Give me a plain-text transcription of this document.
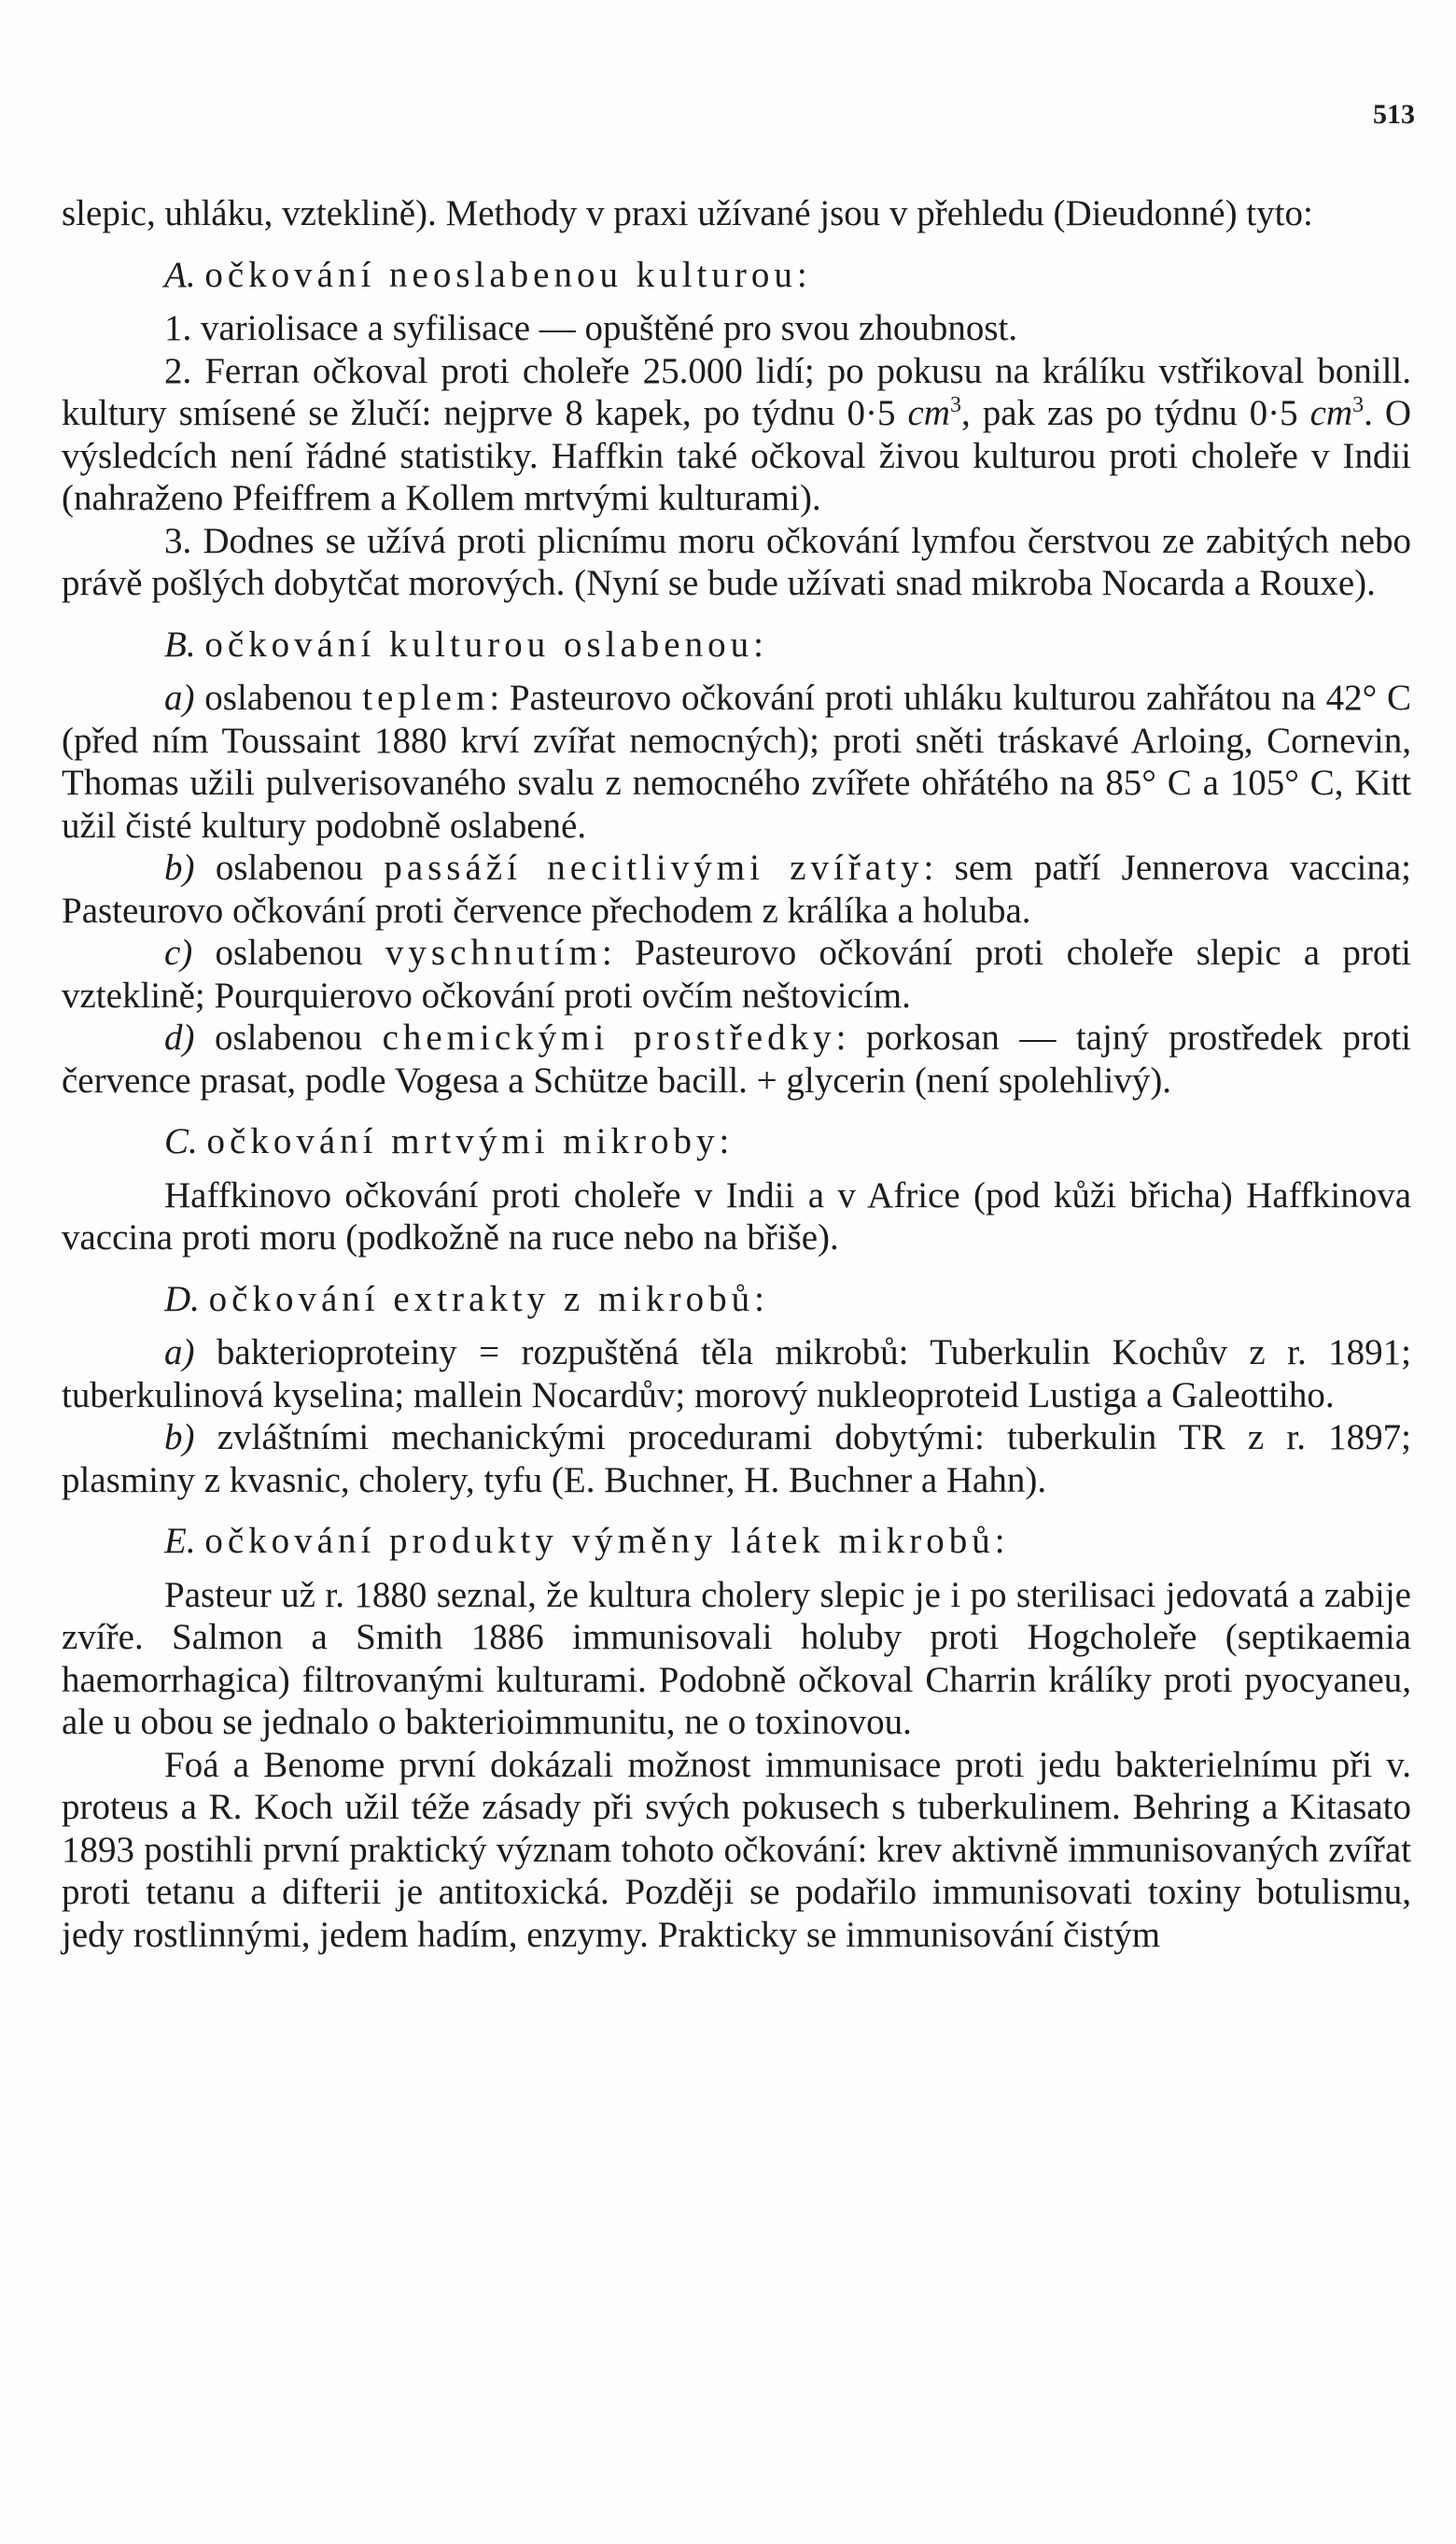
513

slepic, uhláku, vzteklině). Methody v praxi užívané jsou v přehledu (Dieudonné) tyto:

A. očkování neoslabenou kulturou:

1. variolisace a syfilisace — opuštěné pro svou zhoubnost.

2. Ferran očkoval proti choleře 25.000 lidí; po pokusu na králíku vstřikoval bonill. kultury smísené se žlučí: nejprve 8 kapek, po týdnu 0·5 $cm^3$, pak zas po týdnu 0·5 $cm^3$. O výsledcích není řádné statistiky. Haffkin také očkoval živou kulturou proti choleře v Indii (nahraženo Pfeiffrem a Kollem mrtvými kulturami).

3. Dodnes se užívá proti plicnímu moru očkování lymfou čerstvou ze zabitých nebo právě pošlých dobytčat morových. (Nyní se bude užívati snad mikroba Nocarda a Rouxe).

B. očkování kulturou oslabenou:

a) oslabenou teplem: Pasteurovo očkování proti uhláku kulturou zahřátou na 42° C (před ním Toussaint 1880 krví zvířat nemocných); proti sněti tráskavé Arloing, Cornevin, Thomas užili pulverisovaného svalu z nemocného zvířete ohřátého na 85° C a 105° C, Kitt užil čisté kultury podobně oslabené.

b) oslabenou passáží necitlivými zvířaty: sem patří Jennerova vaccina; Pasteurovo očkování proti července přechodem z králíka a holuba.

c) oslabenou vyschnutím: Pasteurovo očkování proti choleře slepic a proti vzteklině; Pourquierovo očkování proti ovčím neštovicím.

d) oslabenou chemickými prostředky: porkosan — tajný prostředek proti července prasat, podle Vogesa a Schütze bacill. + glycerin (není spolehlivý).

C. očkování mrtvými mikroby:

Haffkinovo očkování proti choleře v Indii a v Africe (pod kůži břicha) Haffkinova vaccina proti moru (podkožně na ruce nebo na břiše).

D. očkování extrakty z mikrobů:

a) bakterioproteiny = rozpuštěná těla mikrobů: Tuberkulin Kochův z r. 1891; tuberkulinová kyselina; mallein Nocardův; morový nukleoproteid Lustiga a Galeottiho.

b) zvláštními mechanickými procedurami dobytými: tuberkulin TR z r. 1897; plasminy z kvasnic, cholery, tyfu (E. Buchner, H. Buchner a Hahn).

E. očkování produkty výměny látek mikrobů:

Pasteur už r. 1880 seznal, že kultura cholery slepic je i po sterilisaci jedovatá a zabije zvíře. Salmon a Smith 1886 immunisovali holuby proti Hogcholeře (septikaemia haemorrhagica) filtrovanými kulturami. Podobně očkoval Charrin králíky proti pyocyaneu, ale u obou se jednalo o bakterioimmunitu, ne o toxinovou.

Foá a Benome první dokázali možnost immunisace proti jedu bakterielnímu při v. proteus a R. Koch užil téže zásady při svých pokusech s tuberkulinem. Behring a Kitasato 1893 postihli první praktický význam tohoto očkování: krev aktivně immunisovaných zvířat proti tetanu a difterii je antitoxická. Později se podařilo immunisovati toxiny botulismu, jedy rostlinnými, jedem hadím, enzymy. Prakticky se immunisování čistým
